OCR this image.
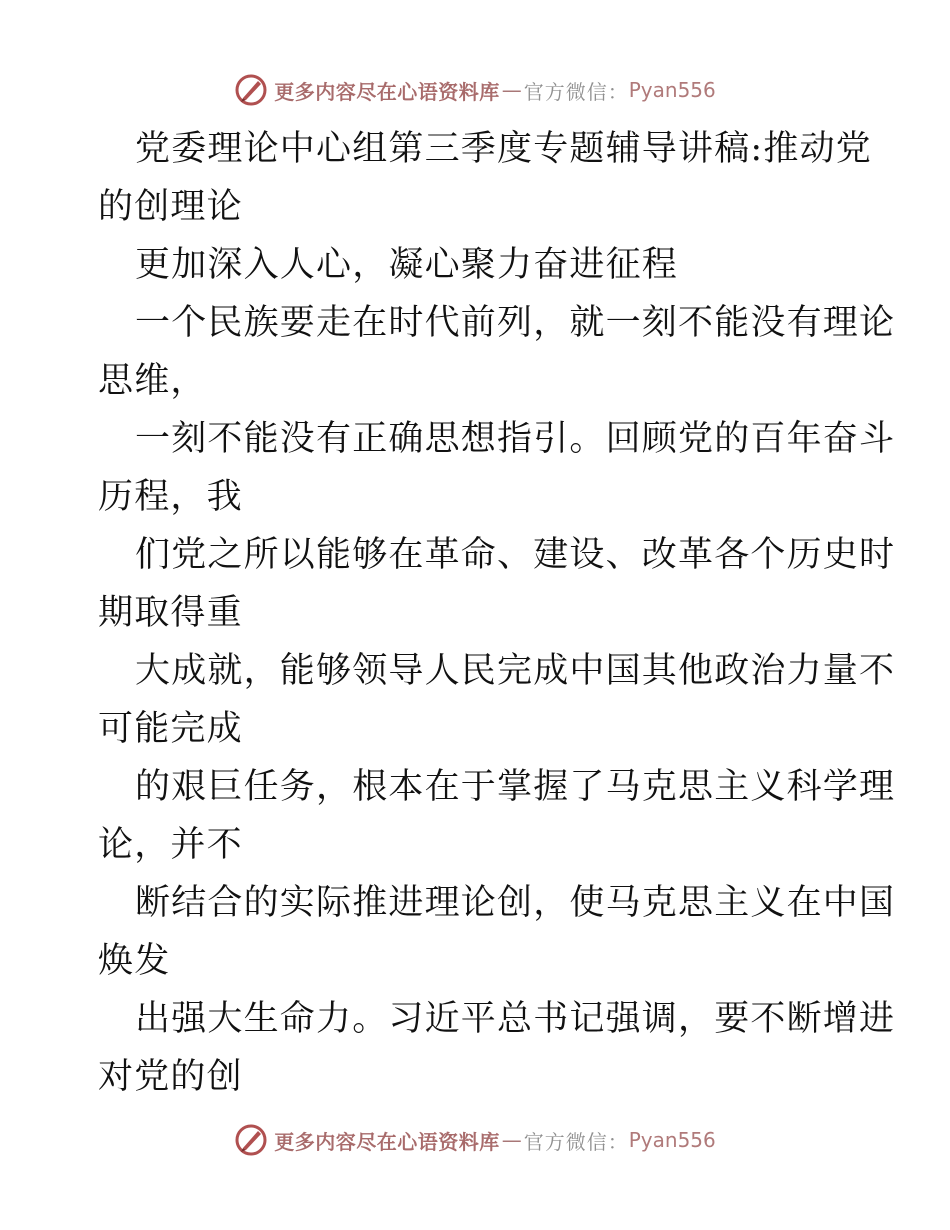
更多内容尽在心语资料库 — 官方微信： Pyan556
党委理论中心组第三季度专题辅导讲稿:推动党
的创理论
更加深入人心，凝心聚力奋进征程
一个民族要走在时代前列，就一刻不能没有理论
思维，
一刻不能没有正确思想指引。回顾党的百年奋斗
历程，我
们党之所以能够在革命、建设、改革各个历史时
期取得重
大成就，能够领导人民完成中国其他政治力量不
可能完成
的艰巨任务，根本在于掌握了马克思主义科学理
论，并不
断结合的实际推进理论创，使马克思主义在中国
焕发
出强大生命力。习近平总书记强调，要不断增进
对党的创
更多内容尽在心语资料库 — 官方微信： Pyan556
